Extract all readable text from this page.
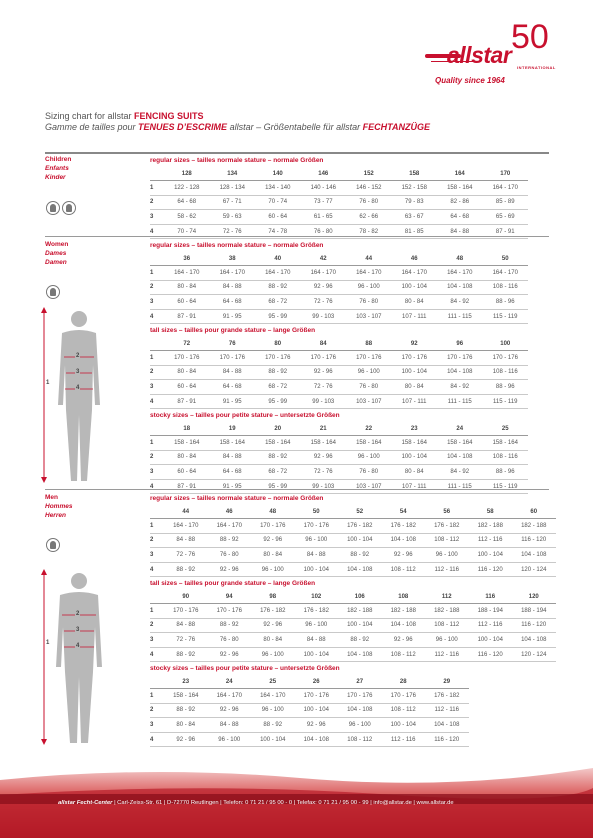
allstar 50
INTERNATIONAL
Quality since 1964
Sizing chart for allstar FENCING SUITS
Gamme de tailles pour TENUES D’ESCRIME allstar – Größentabelle für allstar FECHTANZÜGE
Children
Enfants
Kinder
Women
Dames
Damen
1
2
3
4
Men
Hommes
Herren
1
2
3
4
regular sizes – tailles normale stature – normale Größen
	128	134	140	146	152	158	164	170
1	122 - 128	128 - 134	134 - 140	140 - 146	146 - 152	152 - 158	158 - 164	164 - 170
2	64 - 68	67 - 71	70 - 74	73 - 77	76 - 80	79 - 83	82 - 86	85 - 89
3	58 - 62	59 - 63	60 - 64	61 - 65	62 - 66	63 - 67	64 - 68	65 - 69
4	70 - 74	72 - 76	74 - 78	76 - 80	78 - 82	81 - 85	84 - 88	87 - 91
regular sizes – tailles normale stature – normale Größen
	36	38	40	42	44	46	48	50
1	164 - 170	164 - 170	164 - 170	164 - 170	164 - 170	164 - 170	164 - 170	164 - 170
2	80 - 84	84 - 88	88 - 92	92 - 96	96 - 100	100 - 104	104 - 108	108 - 116
3	60 - 64	64 - 68	68 - 72	72 - 76	76 - 80	80 - 84	84 - 92	88 - 96
4	87 - 91	91 - 95	95 - 99	99 - 103	103 - 107	107 - 111	111 - 115	115 - 119
tall sizes – tailles pour grande stature – lange Größen
	72	76	80	84	88	92	96	100
1	170 - 176	170 - 176	170 - 176	170 - 176	170 - 176	170 - 176	170 - 176	170 - 176
2	80 - 84	84 - 88	88 - 92	92 - 96	96 - 100	100 - 104	104 - 108	108 - 116
3	60 - 64	64 - 68	68 - 72	72 - 76	76 - 80	80 - 84	84 - 92	88 - 96
4	87 - 91	91 - 95	95 - 99	99 - 103	103 - 107	107 - 111	111 - 115	115 - 119
stocky sizes – tailles pour petite stature – untersetzte Größen
	18	19	20	21	22	23	24	25
1	158 - 164	158 - 164	158 - 164	158 - 164	158 - 164	158 - 164	158 - 164	158 - 164
2	80 - 84	84 - 88	88 - 92	92 - 96	96 - 100	100 - 104	104 - 108	108 - 116
3	60 - 64	64 - 68	68 - 72	72 - 76	76 - 80	80 - 84	84 - 92	88 - 96
4	87 - 91	91 - 95	95 - 99	99 - 103	103 - 107	107 - 111	111 - 115	115 - 119
regular sizes – tailles normale stature – normale Größen
	44	46	48	50	52	54	56	58	60
1	164 - 170	164 - 170	170 - 176	170 - 176	176 - 182	176 - 182	176 - 182	182 - 188	182 - 188
2	84 - 88	88 - 92	92 - 96	96 - 100	100 - 104	104 - 108	108 - 112	112 - 116	116 - 120
3	72 - 76	76 - 80	80 - 84	84 - 88	88 - 92	92 - 96	96 - 100	100 - 104	104 - 108
4	88 - 92	92 - 96	96 - 100	100 - 104	104 - 108	108 - 112	112 - 116	116 - 120	120 - 124
tall sizes – tailles pour grande stature – lange Größen
	90	94	98	102	106	108	112	116	120
1	170 - 176	170 - 176	176 - 182	176 - 182	182 - 188	182 - 188	182 - 188	188 - 194	188 - 194
2	84 - 88	88 - 92	92 - 96	96 - 100	100 - 104	104 - 108	108 - 112	112 - 116	116 - 120
3	72 - 76	76 - 80	80 - 84	84 - 88	88 - 92	92 - 96	96 - 100	100 - 104	104 - 108
4	88 - 92	92 - 96	96 - 100	100 - 104	104 - 108	108 - 112	112 - 116	116 - 120	120 - 124
stocky sizes – tailles pour petite stature – untersetzte Größen
	23	24	25	26	27	28	29
1	158 - 164	164 - 170	164 - 170	170 - 176	170 - 176	170 - 176	176 - 182
2	88 - 92	92 - 96	96 - 100	100 - 104	104 - 108	108 - 112	112 - 116
3	80 - 84	84 - 88	88 - 92	92 - 96	96 - 100	100 - 104	104 - 108
4	92 - 96	96 - 100	100 - 104	104 - 108	108 - 112	112 - 116	116 - 120
allstar Fecht-Center | Carl-Zeiss-Str. 61 | D-72770 Reutlingen | Telefon: 0 71 21 / 95 00 - 0 | Telefax: 0 71 21 / 95 00 - 99 | info@allstar.de | www.allstar.de
